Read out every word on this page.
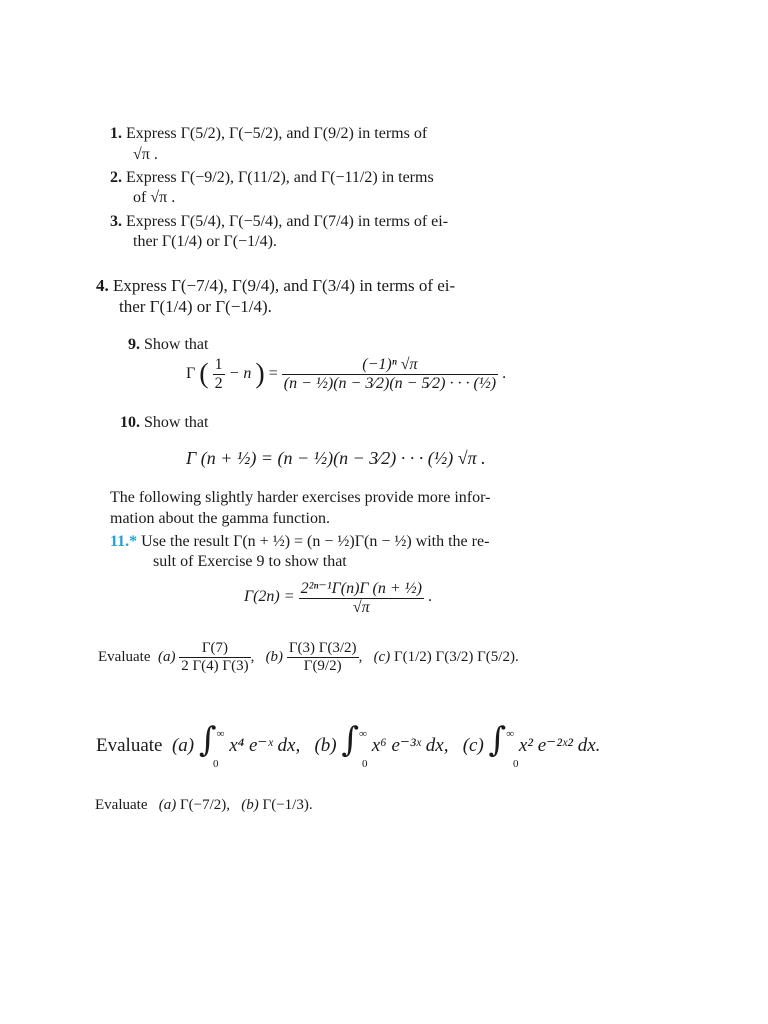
1. Express Γ(5/2), Γ(−5/2), and Γ(9/2) in terms of
√π .
2. Express Γ(−9/2), Γ(11/2), and Γ(−11/2) in terms
of √π .
3. Express Γ(5/4), Γ(−5/4), and Γ(7/4) in terms of ei-
ther Γ(1/4) or Γ(−1/4).
4. Express Γ(−7/4), Γ(9/4), and Γ(3/4) in terms of ei-
ther Γ(1/4) or Γ(−1/4).
9. Show that
Γ ( $\frac{1}{2} - n$ ) = $\frac{\text{(−1)ⁿ √π}}{\text{(n − ½)(n − 3⁄2)(n − 5⁄2) · · · (½)}}$ .
10. Show that
Γ (n + ½) = (n − ½)(n − 3⁄2) · · · (½) √π .
The following slightly harder exercises provide more infor-
mation about the gamma function.
11.* Use the result Γ(n + ½) = (n − ½)Γ(n − ½) with the re-
sult of Exercise 9 to show that
$\Gamma(2n) = \frac{\text{2²ⁿ⁻¹Γ(n)Γ (n + ½)}}{√\pi}$ .
Evaluate $(a) \frac{\Gamma(7)}{2 \Gamma(4) \Gamma(3)}$ ,   $(b) \frac{\Gamma(3) \Gamma(3/2)}{\Gamma(9/2)}$ ,   (c) Γ(1/2) Γ(3/2) Γ(5/2).
Evaluate (a) ∫∞ x⁴ e⁻ˣ dx, (b) ∫∞ x⁶ e⁻³ˣ dx, (c) ∫∞ x² e⁻²ˣ² dx.
0	0	0
Evaluate (a) Γ(−7/2), (b) Γ(−1/3).
